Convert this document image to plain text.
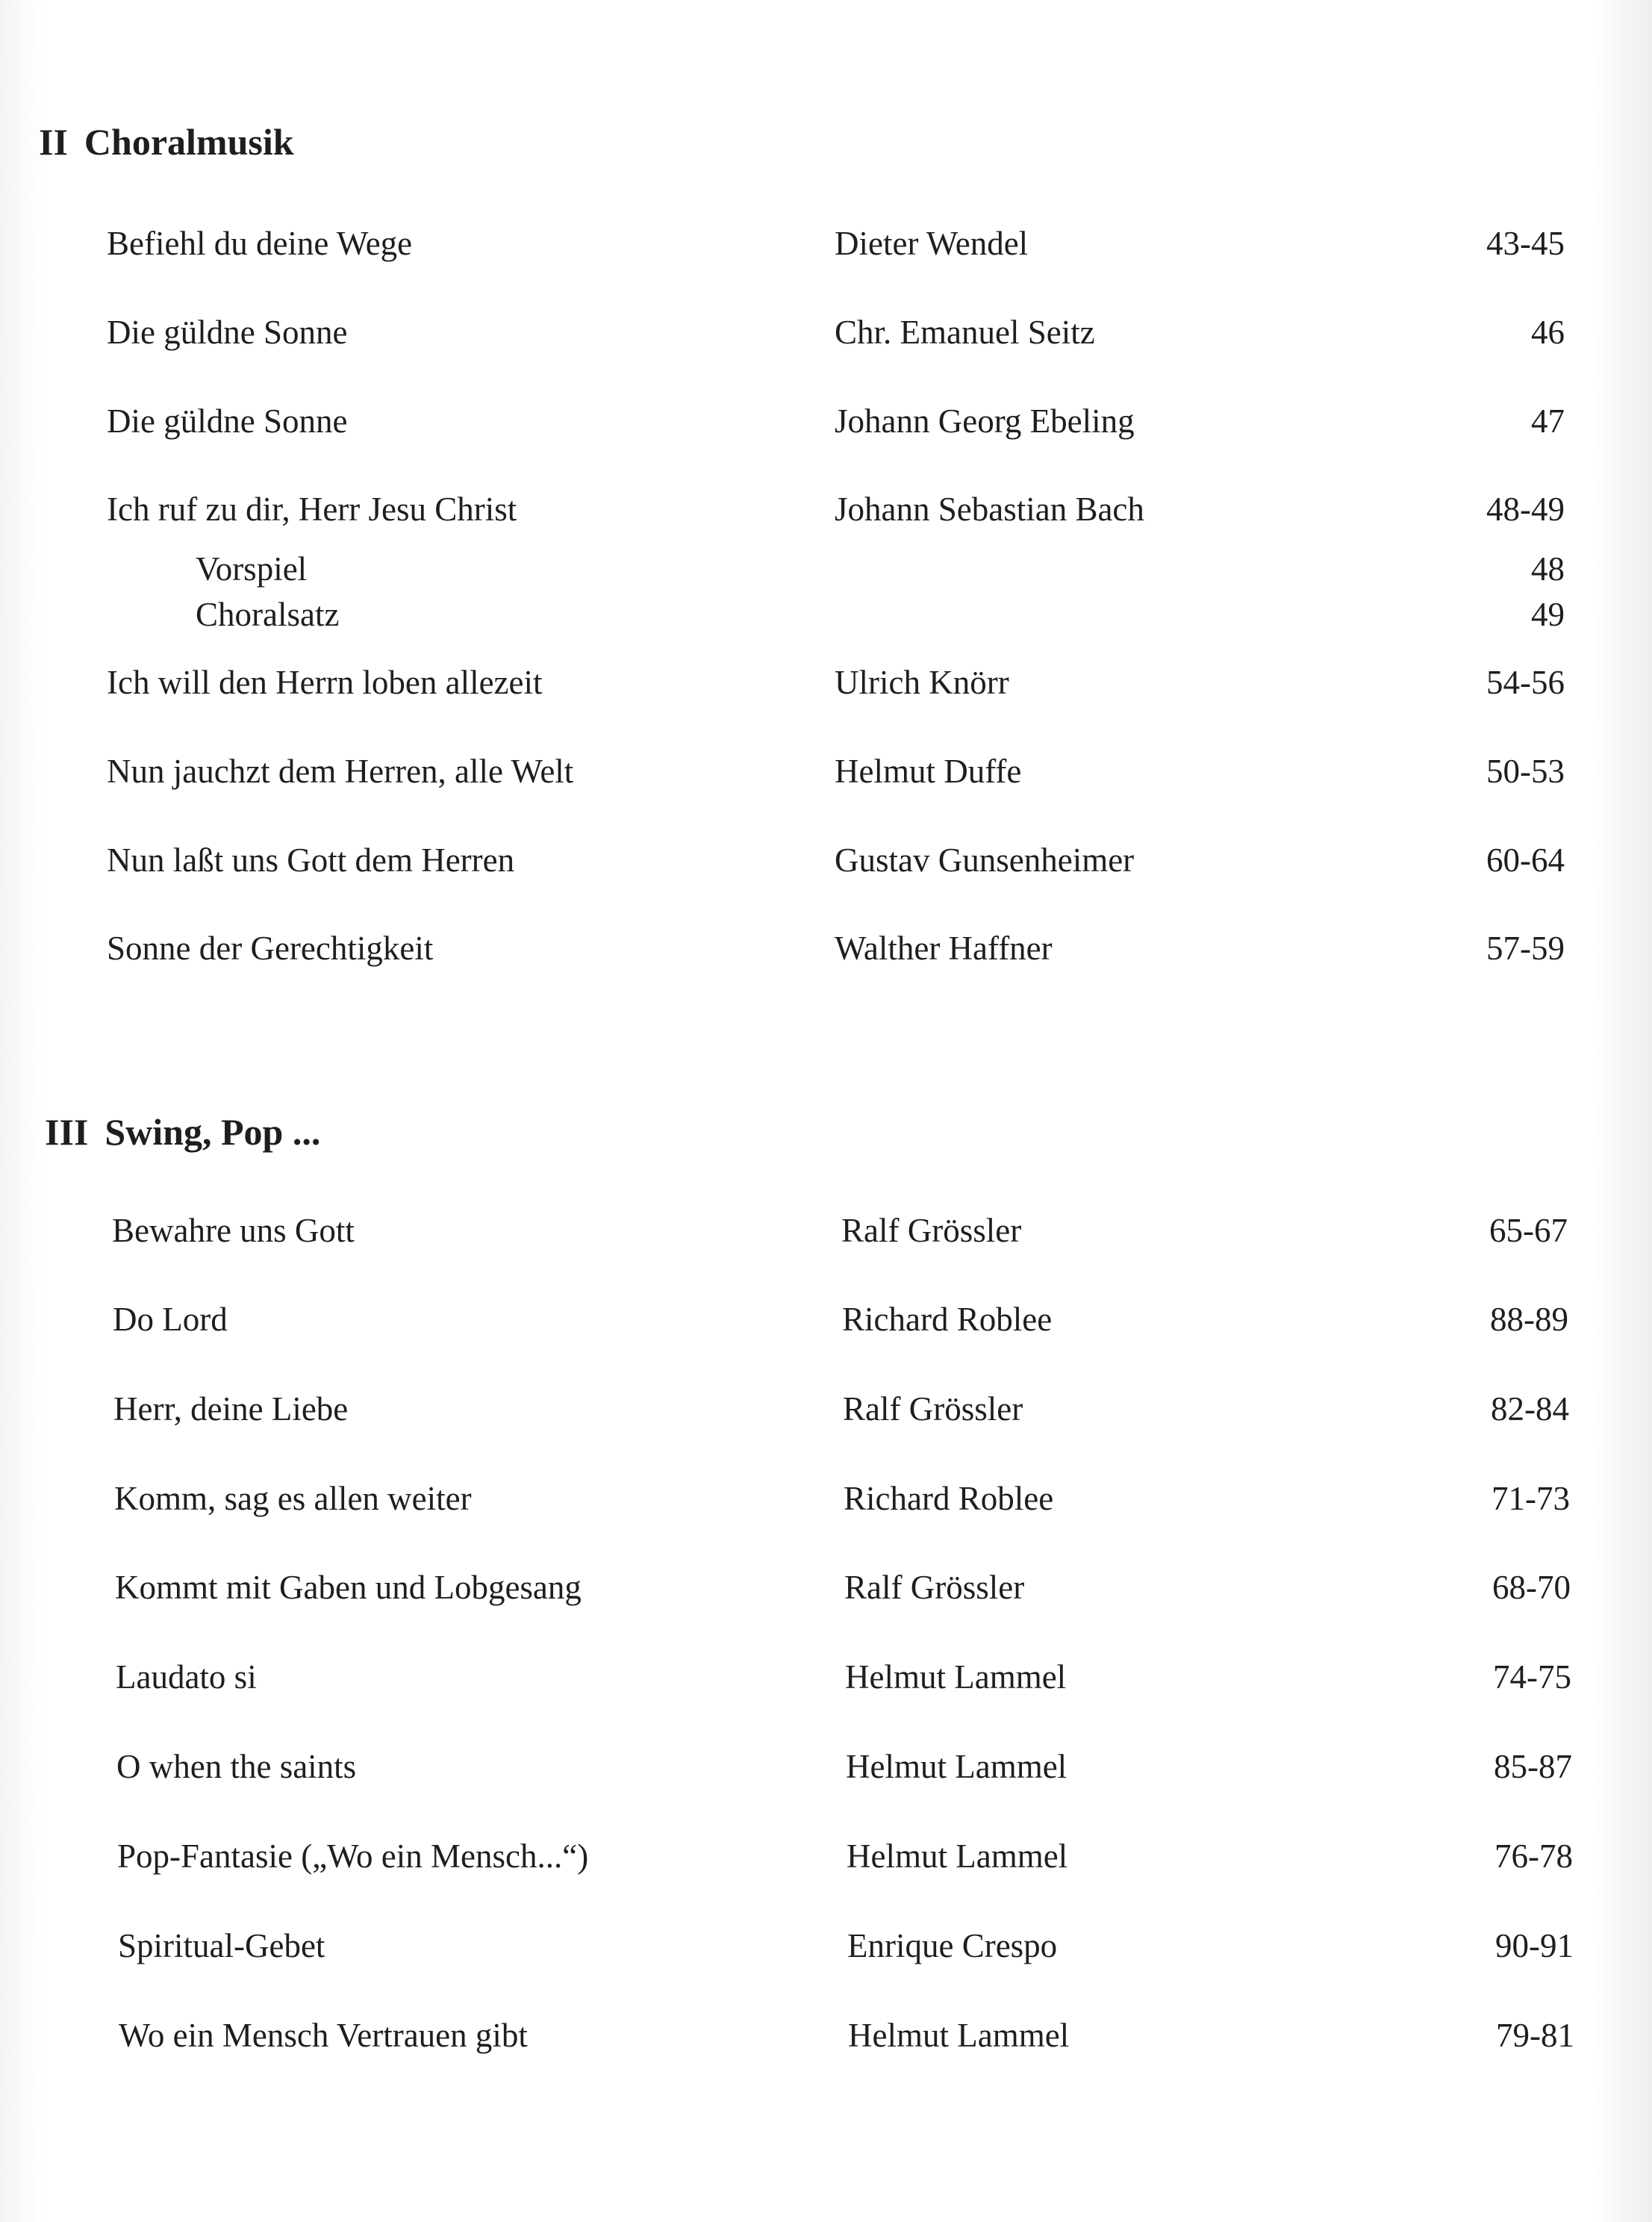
II Choralmusik
Befiehl du deine Wege	Dieter Wendel	43-45
Die güldne Sonne	Chr. Emanuel Seitz	46
Die güldne Sonne	Johann Georg Ebeling	47
Ich ruf zu dir, Herr Jesu Christ	Johann Sebastian Bach	48-49
Vorspiel	48
Choralsatz	49
Ich will den Herrn loben allezeit	Ulrich Knörr	54-56
Nun jauchzt dem Herren, alle Welt	Helmut Duffe	50-53
Nun laßt uns Gott dem Herren	Gustav Gunsenheimer	60-64
Sonne der Gerechtigkeit	Walther Haffner	57-59
III Swing, Pop ...
Bewahre uns Gott	Ralf Grössler	65-67
Do Lord	Richard Roblee	88-89
Herr, deine Liebe	Ralf Grössler	82-84
Komm, sag es allen weiter	Richard Roblee	71-73
Kommt mit Gaben und Lobgesang	Ralf Grössler	68-70
Laudato si	Helmut Lammel	74-75
O when the saints	Helmut Lammel	85-87
Pop-Fantasie („Wo ein Mensch...“)	Helmut Lammel	76-78
Spiritual-Gebet	Enrique Crespo	90-91
Wo ein Mensch Vertrauen gibt	Helmut Lammel	79-81
